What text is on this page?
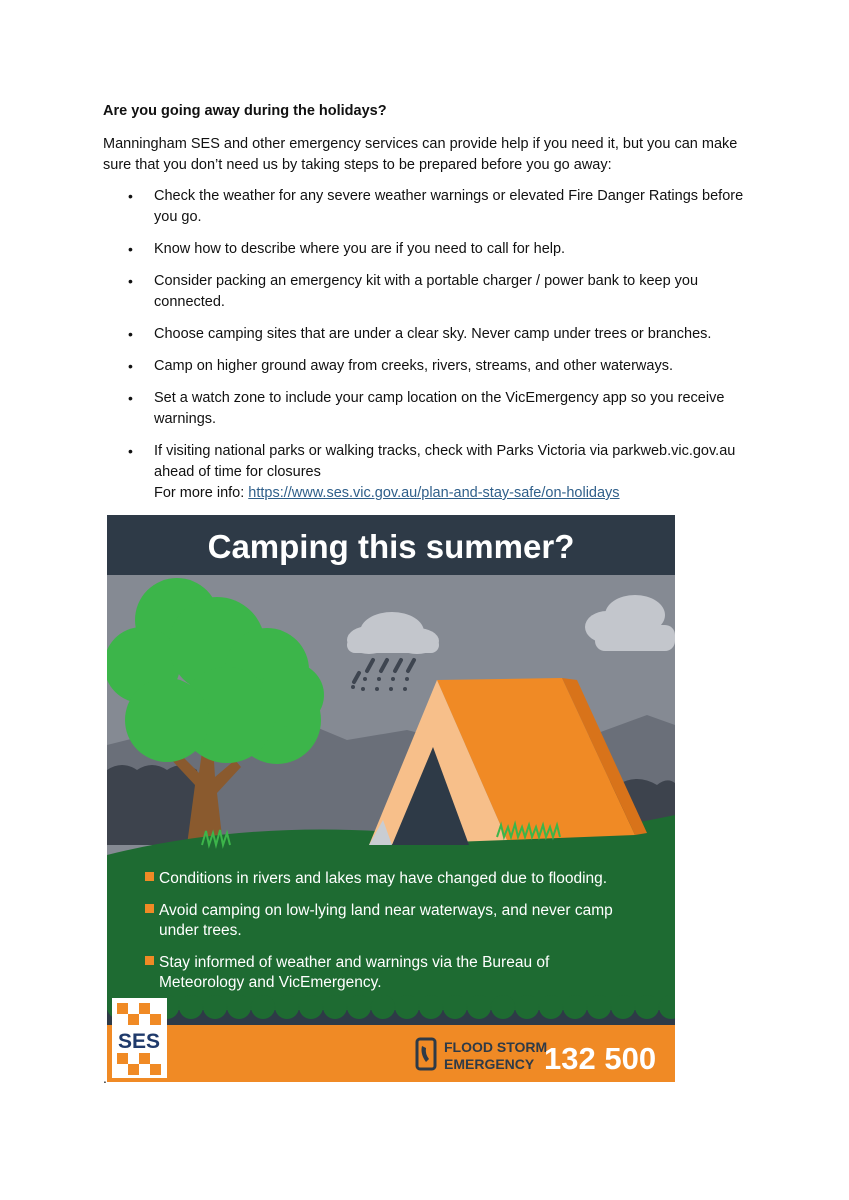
Are you going away during the holidays?

Manningham SES and other emergency services can provide help if you need it, but you can make sure that you don’t need us by taking steps to be prepared before you go away:

• Check the weather for any severe weather warnings or elevated Fire Danger Ratings before you go.
• Know how to describe where you are if you need to call for help.
• Consider packing an emergency kit with a portable charger / power bank to keep you connected.
• Choose camping sites that are under a clear sky. Never camp under trees or branches.
• Camp on higher ground away from creeks, rivers, streams, and other waterways.
• Set a watch zone to include your camp location on the VicEmergency app so you receive warnings.
• If visiting national parks or walking tracks, check with Parks Victoria via parkweb.vic.gov.au ahead of time for closures
For more info: https://www.ses.vic.gov.au/plan-and-stay-safe/on-holidays
Camping this summer?
Conditions in rivers and lakes may have changed due to flooding.
Avoid camping on low-lying land near waterways, and never camp
under trees.
Stay informed of weather and warnings via the Bureau of
Meteorology and VicEmergency.
SES	FLOOD STORM
EMERGENCY 132 500
.
